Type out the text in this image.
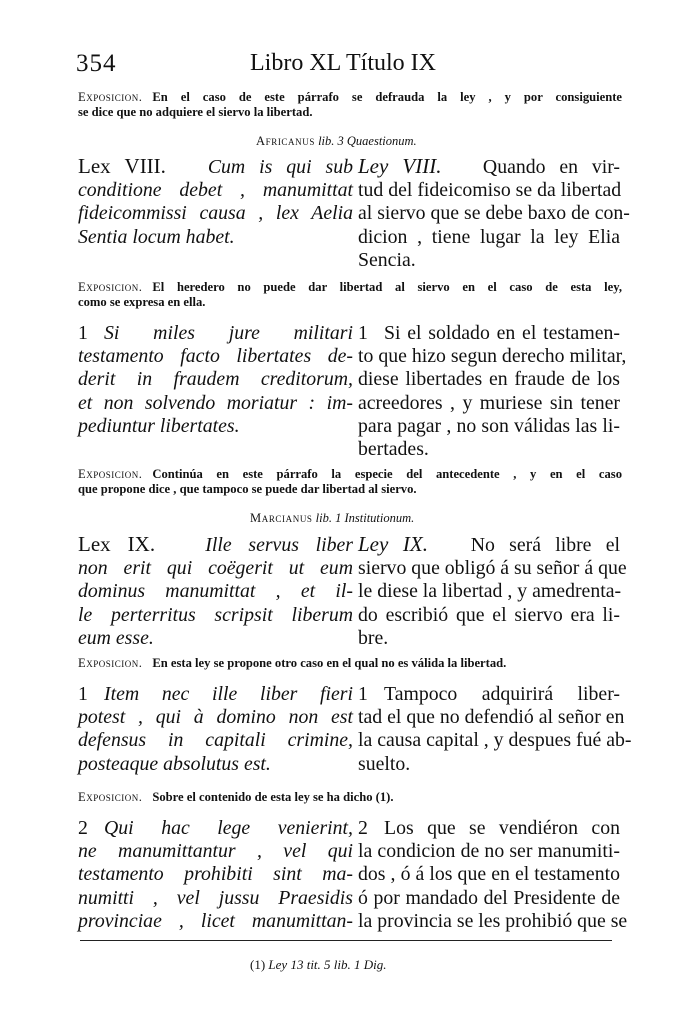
354	Libro XL Título IX
Exposicion. En el caso de este párrafo se defrauda la ley , y por consiguiente
se dice que no adquiere el siervo la libertad.
Africanus lib. 3 Quaestionum.
Lex VIII. Cum is qui sub
conditione debet , manumittat
fideicommissi causa , lex Aelia
Sentia locum habet.
Ley VIII. Quando en vir-
tud del fideicomiso se da libertad
al siervo que se debe baxo de con-
dicion , tiene lugar la ley Elia
Sencia.
Exposicion. El heredero no puede dar libertad al siervo en el caso de esta ley,
como se expresa en ella.
1 Si miles jure militari
testamento facto libertates de-
derit in fraudem creditorum,
et non solvendo moriatur : im-
pediuntur libertates.
1 Si el soldado en el testamen-
to que hizo segun derecho militar,
diese libertades en fraude de los
acreedores , y muriese sin tener
para pagar , no son válidas las li-
bertades.
Exposicion. Continúa en este párrafo la especie del antecedente , y en el caso
que propone dice , que tampoco se puede dar libertad al siervo.
Marcianus lib. 1 Institutionum.
Lex IX.	Ille servus liber
non erit qui coëgerit ut eum
dominus manumittat , et il-
le perterritus scripsit liberum
eum esse.
Ley IX. No será libre el
siervo que obligó á su señor á que
le diese la libertad , y amedrenta-
do escribió que el siervo era li-
bre.
Exposicion. En esta ley se propone otro caso en el qual no es válida la libertad.
1 Item nec ille liber fieri
potest , qui à domino non est
defensus in capitali crimine,
posteaque absolutus est.
1 Tampoco adquirirá liber-
tad el que no defendió al señor en
la causa capital , y despues fué ab-
suelto.
Exposicion. Sobre el contenido de esta ley se ha dicho (1).
2 Qui hac lege venierint,
ne manumittantur , vel qui
testamento prohibiti sint ma-
numitti , vel jussu Praesidis
provinciae , licet manumittan-
2 Los que se vendiéron con
la condicion de no ser manumiti-
dos , ó á los que en el testamento
ó por mandado del Presidente de
la provincia se les prohibió que se
(1) Ley 13 tit. 5 lib. 1 Dig.
